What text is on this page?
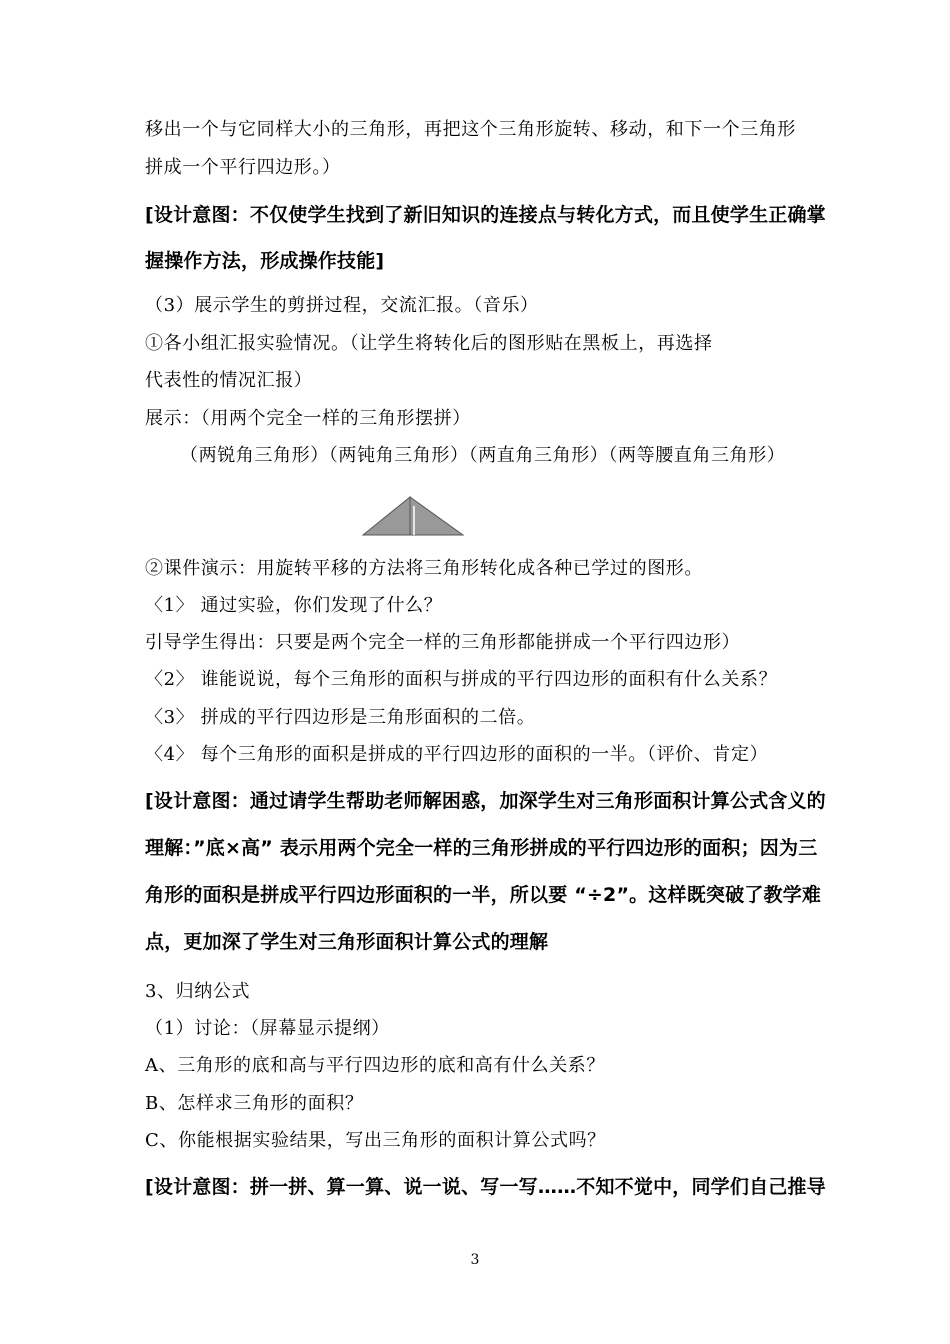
移出一个与它同样大小的三角形，再把这个三角形旋转、移动，和下一个三角形
拼成一个平行四边形。）
[设计意图：不仅使学生找到了新旧知识的连接点与转化方式，而且使学生正确掌
握操作方法，形成操作技能]
（3）展示学生的剪拼过程，交流汇报。（音乐）
①各小组汇报实验情况。（让学生将转化后的图形贴在黑板上，再选择
代表性的情况汇报）
展示：（用两个完全一样的三角形摆拼）
（两锐角三角形）（两钝角三角形）（两直角三角形）（两等腰直角三角形）
②课件演示：用旋转平移的方法将三角形转化成各种已学过的图形。
〈1〉 通过实验，你们发现了什么？
引导学生得出：只要是两个完全一样的三角形都能拼成一个平行四边形）
〈2〉 谁能说说，每个三角形的面积与拼成的平行四边形的面积有什么关系？
〈3〉 拼成的平行四边形是三角形面积的二倍。
〈4〉 每个三角形的面积是拼成的平行四边形的面积的一半。（评价、肯定）
[设计意图：通过请学生帮助老师解困惑，加深学生对三角形面积计算公式含义的
理解：”底×高” 表示用两个完全一样的三角形拼成的平行四边形的面积；因为三
角形的面积是拼成平行四边形面积的一半，所以要 “÷2”。这样既突破了教学难
点，更加深了学生对三角形面积计算公式的理解
3、归纳公式
（1）讨论：（屏幕显示提纲）
A、三角形的底和高与平行四边形的底和高有什么关系？
B、怎样求三角形的面积？
C、你能根据实验结果，写出三角形的面积计算公式吗？
[设计意图：拼一拼、算一算、说一说、写一写……不知不觉中，同学们自己推导
3
